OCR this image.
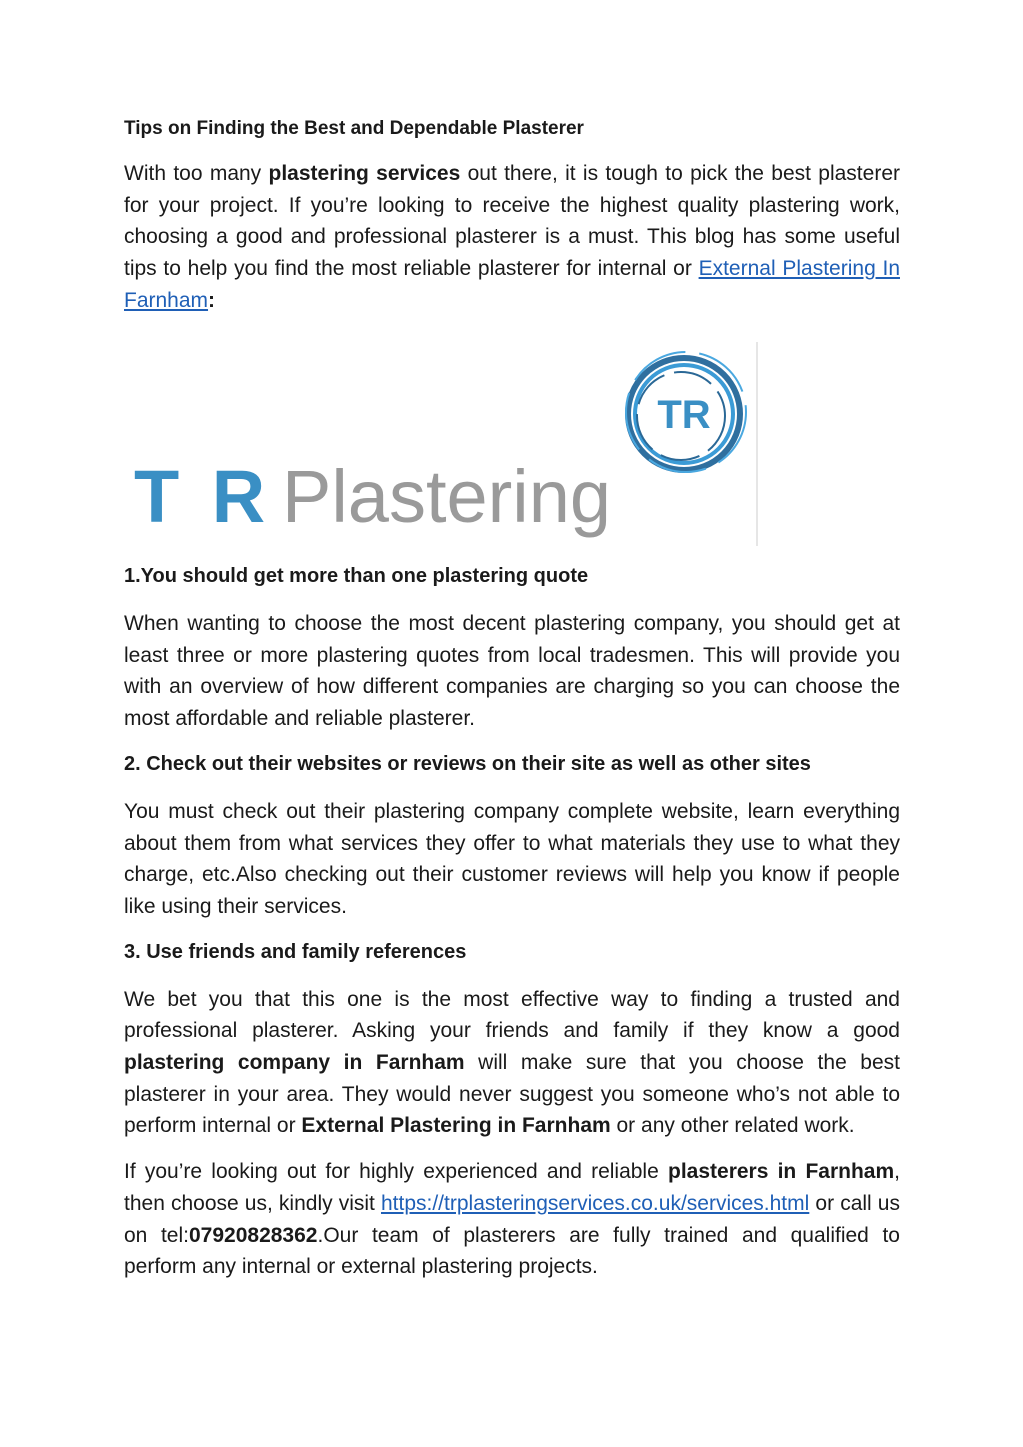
Tips on Finding the Best and Dependable Plasterer

With too many plastering services out there, it is tough to pick the best plasterer for your project. If you’re looking to receive the highest quality plastering work, choosing a good and professional plasterer is a must. This blog has some useful tips to help you find the most reliable plasterer for internal or External Plastering In Farnham:

TR
T R Plastering
1.You should get more than one plastering quote

When wanting to choose the most decent plastering company, you should get at least three or more plastering quotes from local tradesmen. This will provide you with an overview of how different companies are charging so you can choose the most affordable and reliable plasterer.

2. Check out their websites or reviews on their site as well as other sites

You must check out their plastering company complete website, learn everything about them from what services they offer to what materials they use to what they charge, etc.Also checking out their customer reviews will help you know if people like using their services.

3. Use friends and family references

We bet you that this one is the most effective way to finding a trusted and professional plasterer. Asking your friends and family if they know a good plastering company in Farnham will make sure that you choose the best plasterer in your area. They would never suggest you someone who’s not able to perform internal or External Plastering in Farnham or any other related work.

If you’re looking out for highly experienced and reliable plasterers in Farnham, then choose us, kindly visit https://trplasteringservices.co.uk/services.html or call us on tel:07920828362.Our team of plasterers are fully trained and qualified to perform any internal or external plastering projects.
